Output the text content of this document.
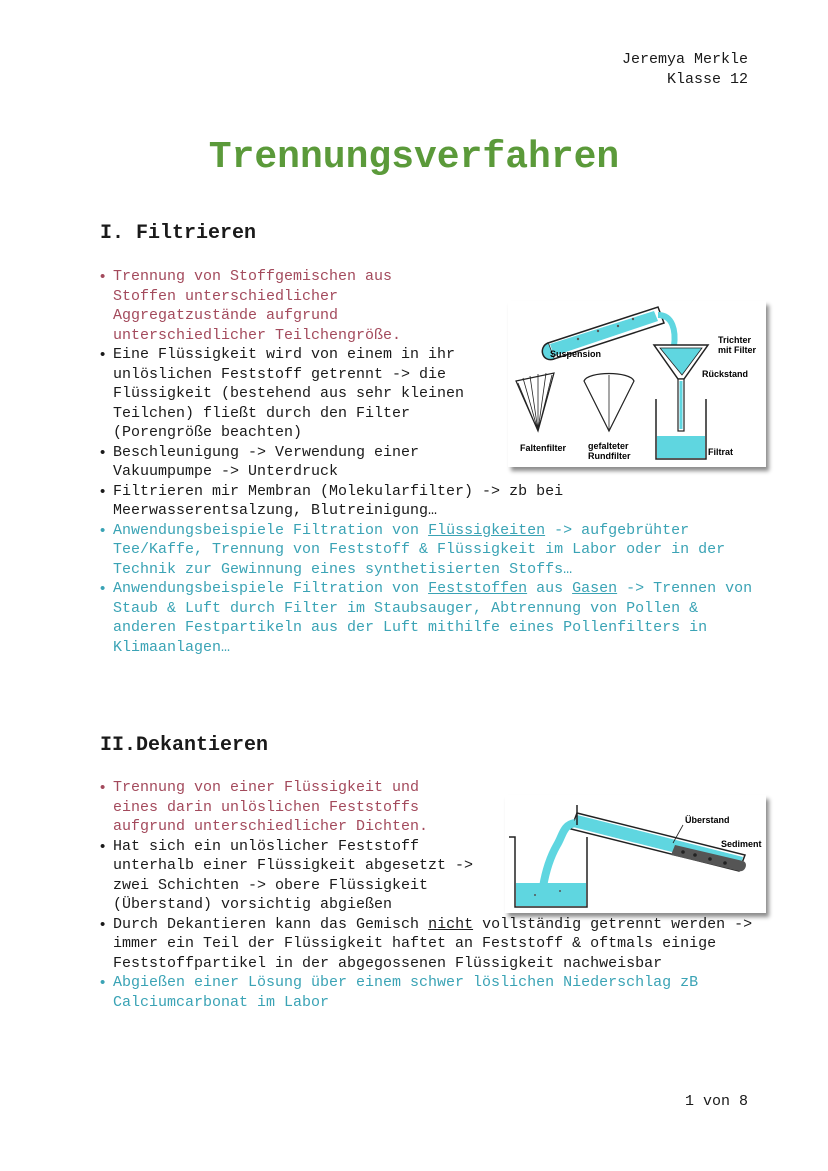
Jeremya Merkle
Klasse 12
Trennungsverfahren
I. Filtrieren
• Trennung von Stoffgemischen aus Stoffen unterschiedlicher Aggregatzustände aufgrund unterschiedlicher Teilchengröße.
• Eine Flüssigkeit wird von einem in ihr unlöslichen Feststoff getrennt -> die Flüssigkeit (bestehend aus sehr kleinen Teilchen) fließt durch den Filter (Porengröße beachten)
• Beschleunigung -> Verwendung einer Vakuumpumpe -> Unterdruck
• Filtrieren mir Membran (Molekularfilter) -> zb bei Meerwasserentsalzung, Blutreinigung…
• Anwendungsbeispiele Filtration von Flüssigkeiten -> aufgebrühter Tee/Kaffe, Trennung von Feststoff & Flüssigkeit im Labor oder in der Technik zur Gewinnung eines synthetisierten Stoffs…
• Anwendungsbeispiele Filtration von Feststoffen aus Gasen -> Trennen von Staub & Luft durch Filter im Staubsauger, Abtrennung von Pollen & anderen Festpartikeln aus der Luft mithilfe eines Pollenfilters in Klimaanlagen…
Suspension
Trichter
mit Filter
Rückstand
Faltenfilter gefalteter
Rundfilter	Filtrat
II.Dekantieren
• Trennung von einer Flüssigkeit und eines darin unlöslichen Feststoffs aufgrund unterschiedlicher Dichten.
• Hat sich ein unlöslicher Feststoff unterhalb einer Flüssigkeit abgesetzt -> zwei Schichten -> obere Flüssigkeit (Überstand) vorsichtig abgießen
• Durch Dekantieren kann das Gemisch nicht vollständig getrennt werden -> immer ein Teil der Flüssigkeit haftet an Feststoff & oftmals einige Feststoffpartikel in der abgegossenen Flüssigkeit nachweisbar
• Abgießen einer Lösung über einem schwer löslichen Niederschlag zB Calciumcarbonat im Labor
Überstand
Sediment
1 von 8
